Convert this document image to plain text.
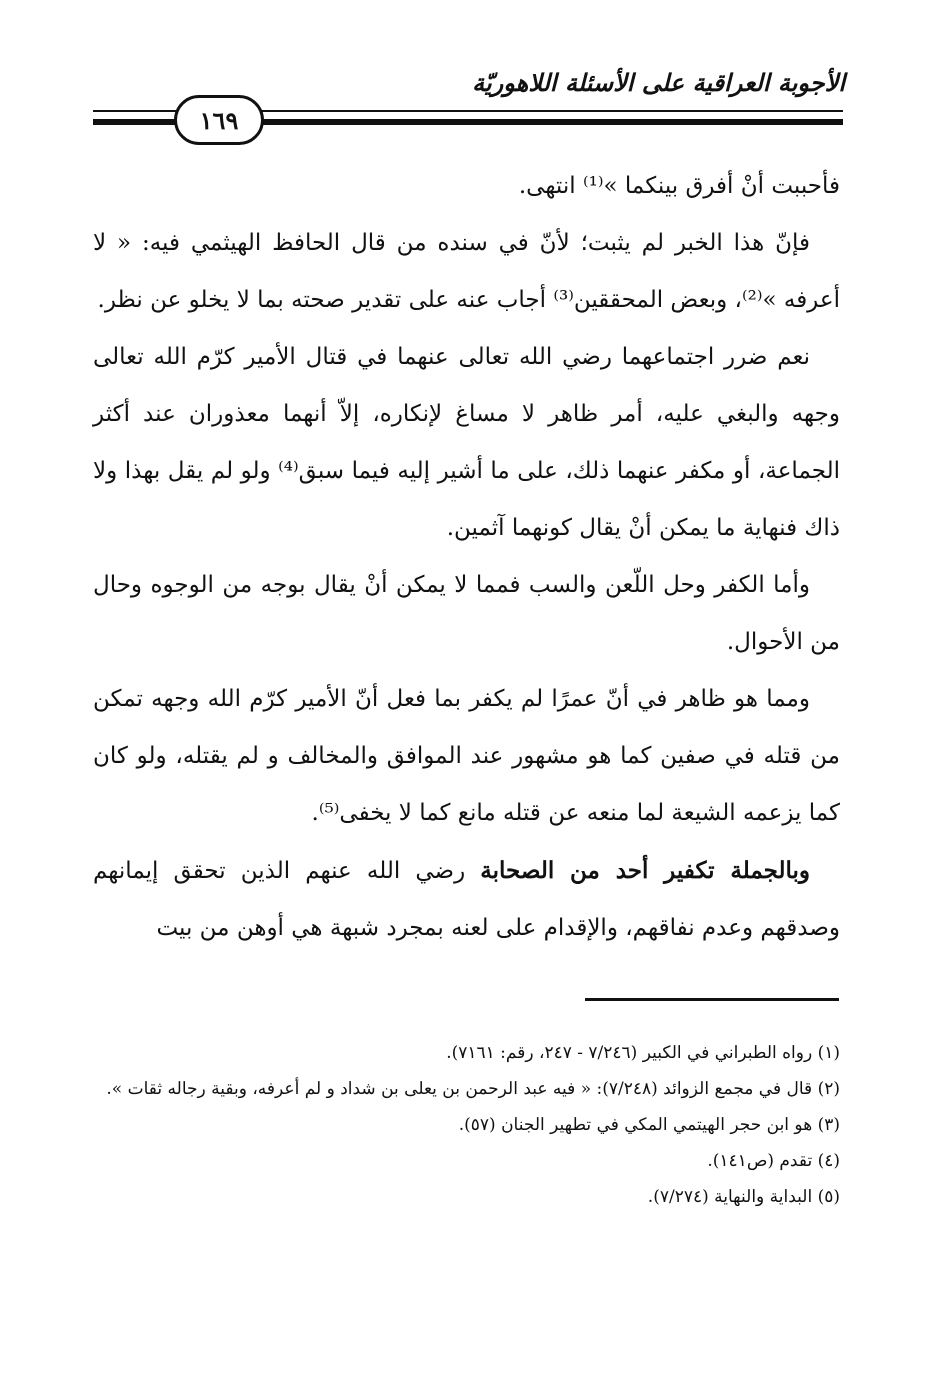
الأجوبة العراقية على الأسئلة اللاهوريّة
١٦٩

فأحببت أنْ أفرق بينكما »⁽¹⁾ انتهى.

فإنّ هذا الخبر لم يثبت؛ لأنّ في سنده من قال الحافظ الهيثمي فيه: « لا أعرفه »⁽²⁾، وبعض المحققين⁽³⁾ أجاب عنه على تقدير صحته بما لا يخلو عن نظر.

نعم ضرر اجتماعهما رضي الله تعالى عنهما في قتال الأمير كرّم الله تعالى وجهه والبغي عليه، أمر ظاهر لا مساغ لإنكاره، إلاّ أنهما معذوران عند أكثر الجماعة، أو مكفر عنهما ذلك، على ما أشير إليه فيما سبق⁽⁴⁾ ولو لم يقل بهذا ولا ذاك فنهاية ما يمكن أنْ يقال كونهما آثمين.

وأما الكفر وحل اللّعن والسب فمما لا يمكن أنْ يقال بوجه من الوجوه وحال من الأحوال.

ومما هو ظاهر في أنّ عمرًا لم يكفر بما فعل أنّ الأمير كرّم الله وجهه تمكن من قتله في صفين كما هو مشهور عند الموافق والمخالف و لم يقتله، ولو كان كما يزعمه الشيعة لما منعه عن قتله مانع كما لا يخفى⁽⁵⁾.

وبالجملة تكفير أحد من الصحابة رضي الله عنهم الذين تحقق إيمانهم وصدقهم وعدم نفاقهم، والإقدام على لعنه بمجرد شبهة هي أوهن من بيت

(١) رواه الطبراني في الكبير (٧/٢٤٦ - ٢٤٧، رقم: ٧١٦١).

(٢) قال في مجمع الزوائد (٧/٢٤٨): « فيه عبد الرحمن بن يعلى بن شداد و لم أعرفه، وبقية رجاله ثقات ».

(٣) هو ابن حجر الهيتمي المكي في تطهير الجنان (٥٧).

(٤) تقدم (ص١٤١).

(٥) البداية والنهاية (٧/٢٧٤).
